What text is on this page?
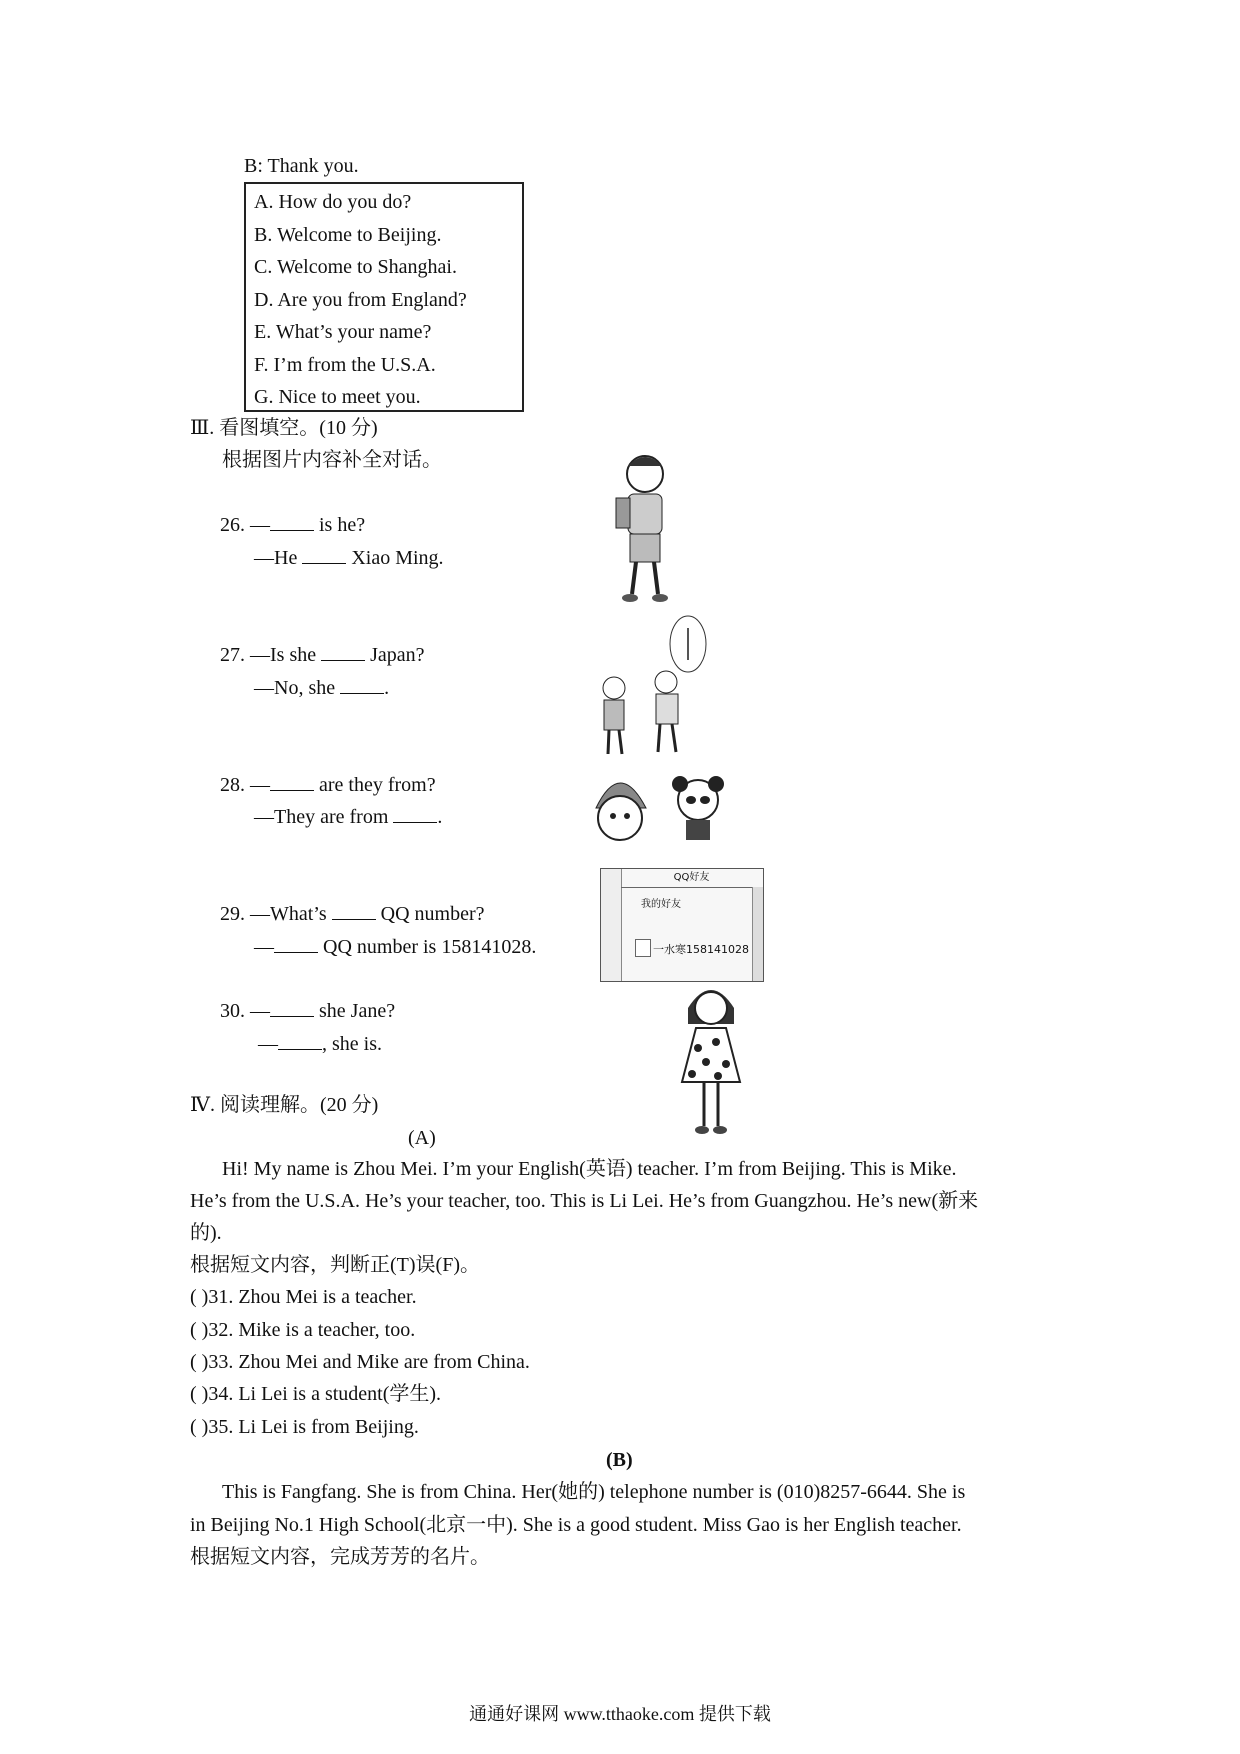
B: Thank you.
A. How do you do?
B. Welcome to Beijing.
C. Welcome to Shanghai.
D. Are you from England?
E. What’s your name?
F. I’m from the U.S.A.
G. Nice to meet you.
Ⅲ. 看图填空。(10 分)
根据图片内容补全对话。
26. — is he?
—He  Xiao Ming.
27. —Is she  Japan?
—No, she .
28. — are they from?
—They are from .
29. —What’s  QQ number?
— QQ number is 158141028.
QQ好友
我的好友
一水寒158141028
30. — she Jane?
— , she is.
Ⅳ. 阅读理解。(20 分)
(A)
Hi! My name is Zhou Mei. I’m your English(英语) teacher. I’m from Beijing. This is Mike.
He’s from the U.S.A. He’s your teacher, too. This is Li Lei. He’s from Guangzhou. He’s new(新来
的).
根据短文内容，判断正(T)误(F)。
( )31. Zhou Mei is a teacher.
( )32. Mike is a teacher, too.
( )33. Zhou Mei and Mike are from China.
( )34. Li Lei is a student(学生).
( )35. Li Lei is from Beijing.
(B)
This is Fangfang. She is from China. Her(她的) telephone number is (010)8257-6644. She is
in Beijing No.1 High School(北京一中). She is a good student. Miss Gao is her English teacher.
根据短文内容，完成芳芳的名片。
通通好课网 www.tthaoke.com 提供下载
